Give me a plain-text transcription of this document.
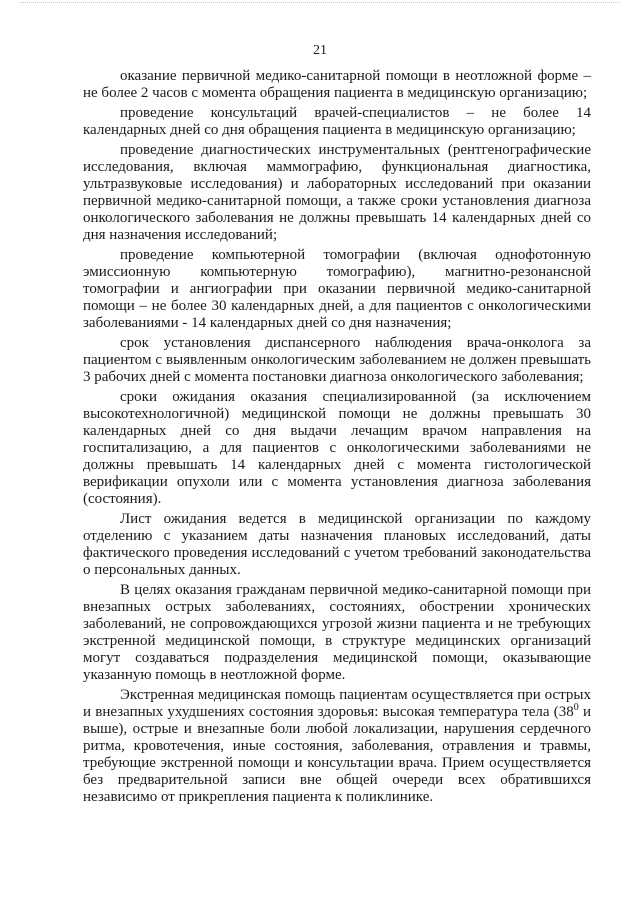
21

оказание первичной медико-санитарной помощи в неотложной форме – не более 2 часов с момента обращения пациента в медицинскую организацию;

проведение консультаций врачей-специалистов – не более 14 календарных дней со дня обращения пациента в медицинскую организацию;

проведение диагностических инструментальных (рентгенографические исследования, включая маммографию, функциональная диагностика, ультразвуковые исследования) и лабораторных исследований при оказании первичной медико-санитарной помощи, а также сроки установления диагноза онкологического заболевания не должны превышать 14 календарных дней со дня назначения исследований;

проведение компьютерной томографии (включая однофотонную эмиссионную компьютерную томографию), магнитно-резонансной томографии и ангиографии при оказании первичной медико-санитарной помощи – не более 30 календарных дней, а для пациентов с онкологическими заболеваниями - 14 календарных дней со дня назначения;

срок установления диспансерного наблюдения врача-онколога за пациентом с выявленным онкологическим заболеванием не должен превышать 3 рабочих дней с момента постановки диагноза онкологического заболевания;

сроки ожидания оказания специализированной (за исключением высокотехнологичной) медицинской помощи не должны превышать 30 календарных дней со дня выдачи лечащим врачом направления на госпитализацию, а для пациентов с онкологическими заболеваниями не должны превышать 14 календарных дней с момента гистологической верификации опухоли или с момента установления диагноза заболевания (состояния).

Лист ожидания ведется в медицинской организации по каждому отделению с указанием даты назначения плановых исследований, даты фактического проведения исследований с учетом требований законодательства о персональных данных.

В целях оказания гражданам первичной медико-санитарной помощи при внезапных острых заболеваниях, состояниях, обострении хронических заболеваний, не сопровождающихся угрозой жизни пациента и не требующих экстренной медицинской помощи, в структуре медицинских организаций могут создаваться подразделения медицинской помощи, оказывающие указанную помощь в неотложной форме.

Экстренная медицинская помощь пациентам осуществляется при острых и внезапных ухудшениях состояния здоровья: высокая температура тела ($38^0$ и выше), острые и внезапные боли любой локализации, нарушения сердечного ритма, кровотечения, иные состояния, заболевания, отравления и травмы, требующие экстренной помощи и консультации врача. Прием осуществляется без предварительной записи вне общей очереди всех обратившихся независимо от прикрепления пациента к поликлинике.
